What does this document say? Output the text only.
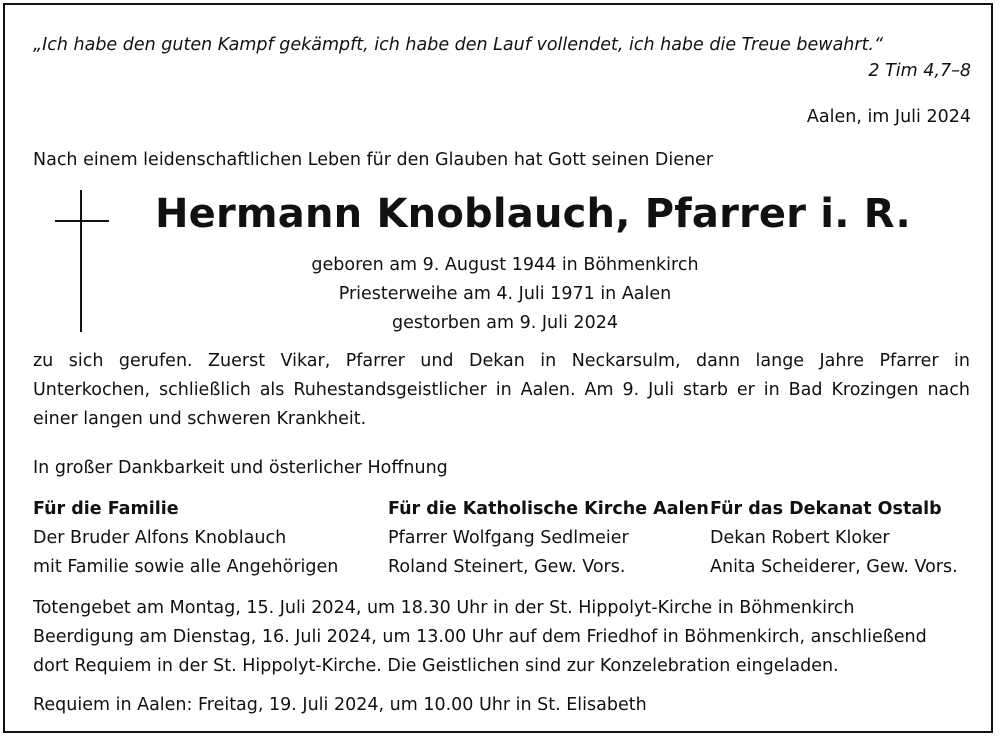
„Ich habe den guten Kampf gekämpft, ich habe den Lauf vollendet, ich habe die Treue bewahrt.“
2 Tim 4,7–8
Aalen, im Juli 2024
Nach einem leidenschaftlichen Leben für den Glauben hat Gott seinen Diener
Hermann Knoblauch, Pfarrer i. R.
geboren am 9. August 1944 in Böhmenkirch
Priesterweihe am 4. Juli 1971 in Aalen
gestorben am 9. Juli 2024
zu sich gerufen. Zuerst Vikar, Pfarrer und Dekan in Neckarsulm, dann lange Jahre Pfarrer in
Unterkochen, schließlich als Ruhestandsgeistlicher in Aalen. Am 9. Juli starb er in Bad Krozingen nach
einer langen und schweren Krankheit.
In großer Dankbarkeit und österlicher Hoffnung
Für die Familie
Der Bruder Alfons Knoblauch
mit Familie sowie alle Angehörigen
Für die Katholische Kirche Aalen
Pfarrer Wolfgang Sedlmeier
Roland Steinert, Gew. Vors.
Für das Dekanat Ostalb
Dekan Robert Kloker
Anita Scheiderer, Gew. Vors.
Totengebet am Montag, 15. Juli 2024, um 18.30 Uhr in der St. Hippolyt-Kirche in Böhmenkirch
Beerdigung am Dienstag, 16. Juli 2024, um 13.00 Uhr auf dem Friedhof in Böhmenkirch, anschließend
dort Requiem in der St. Hippolyt-Kirche. Die Geistlichen sind zur Konzelebration eingeladen.
Requiem in Aalen: Freitag, 19. Juli 2024, um 10.00 Uhr in St. Elisabeth
